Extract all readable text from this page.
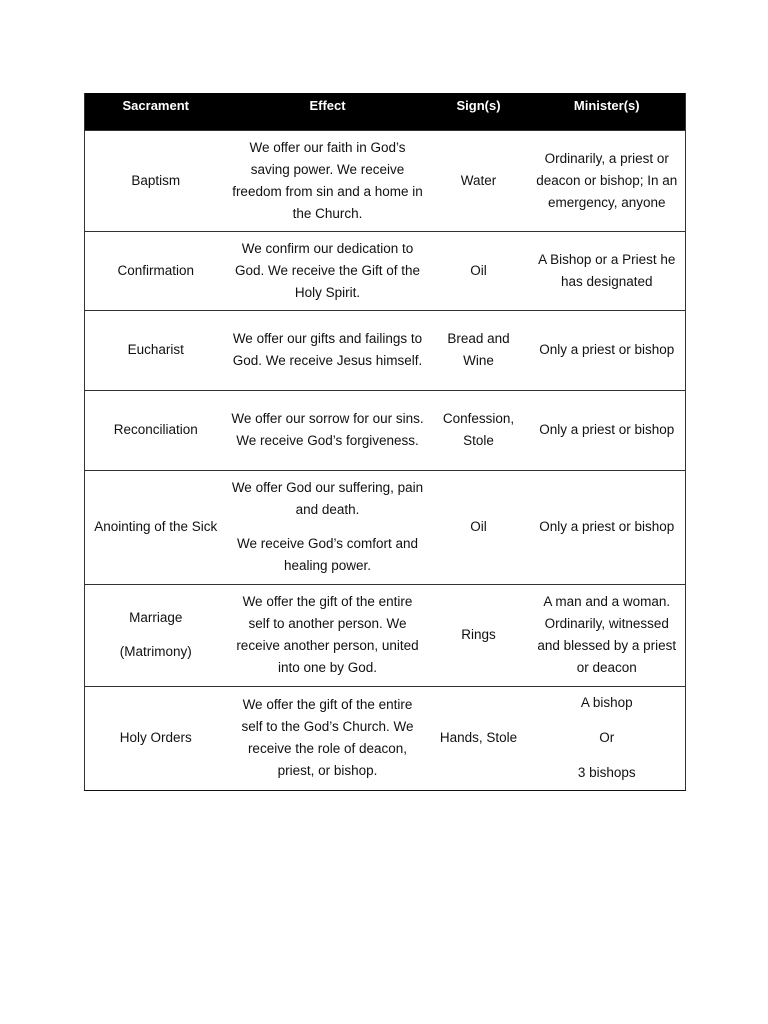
Sacrament	Effect	Sign(s)	Minister(s)

Baptism	We offer our faith in God’s saving power. We receive freedom from sin and a home in the Church.	Water	Ordinarily, a priest or deacon or bishop; In an emergency, anyone

Confirmation	We confirm our dedication to God. We receive the Gift of the Holy Spirit.	Oil	A Bishop or a Priest he has designated

Eucharist	We offer our gifts and failings to God. We receive Jesus himself.	Bread and Wine	Only a priest or bishop

Reconciliation	We offer our sorrow for our sins. We receive God’s forgiveness.	Confession, Stole	Only a priest or bishop

Anointing of the Sick	We offer God our suffering, pain and death.
We receive God’s comfort and healing power.	Oil	Only a priest or bishop

Marriage
(Matrimony)	We offer the gift of the entire self to another person. We receive another person, united into one by God.	Rings	A man and a woman. Ordinarily, witnessed and blessed by a priest or deacon

Holy Orders	We offer the gift of the entire self to the God’s Church. We receive the role of deacon, priest, or bishop.	Hands, Stole	A bishop
Or
3 bishops
